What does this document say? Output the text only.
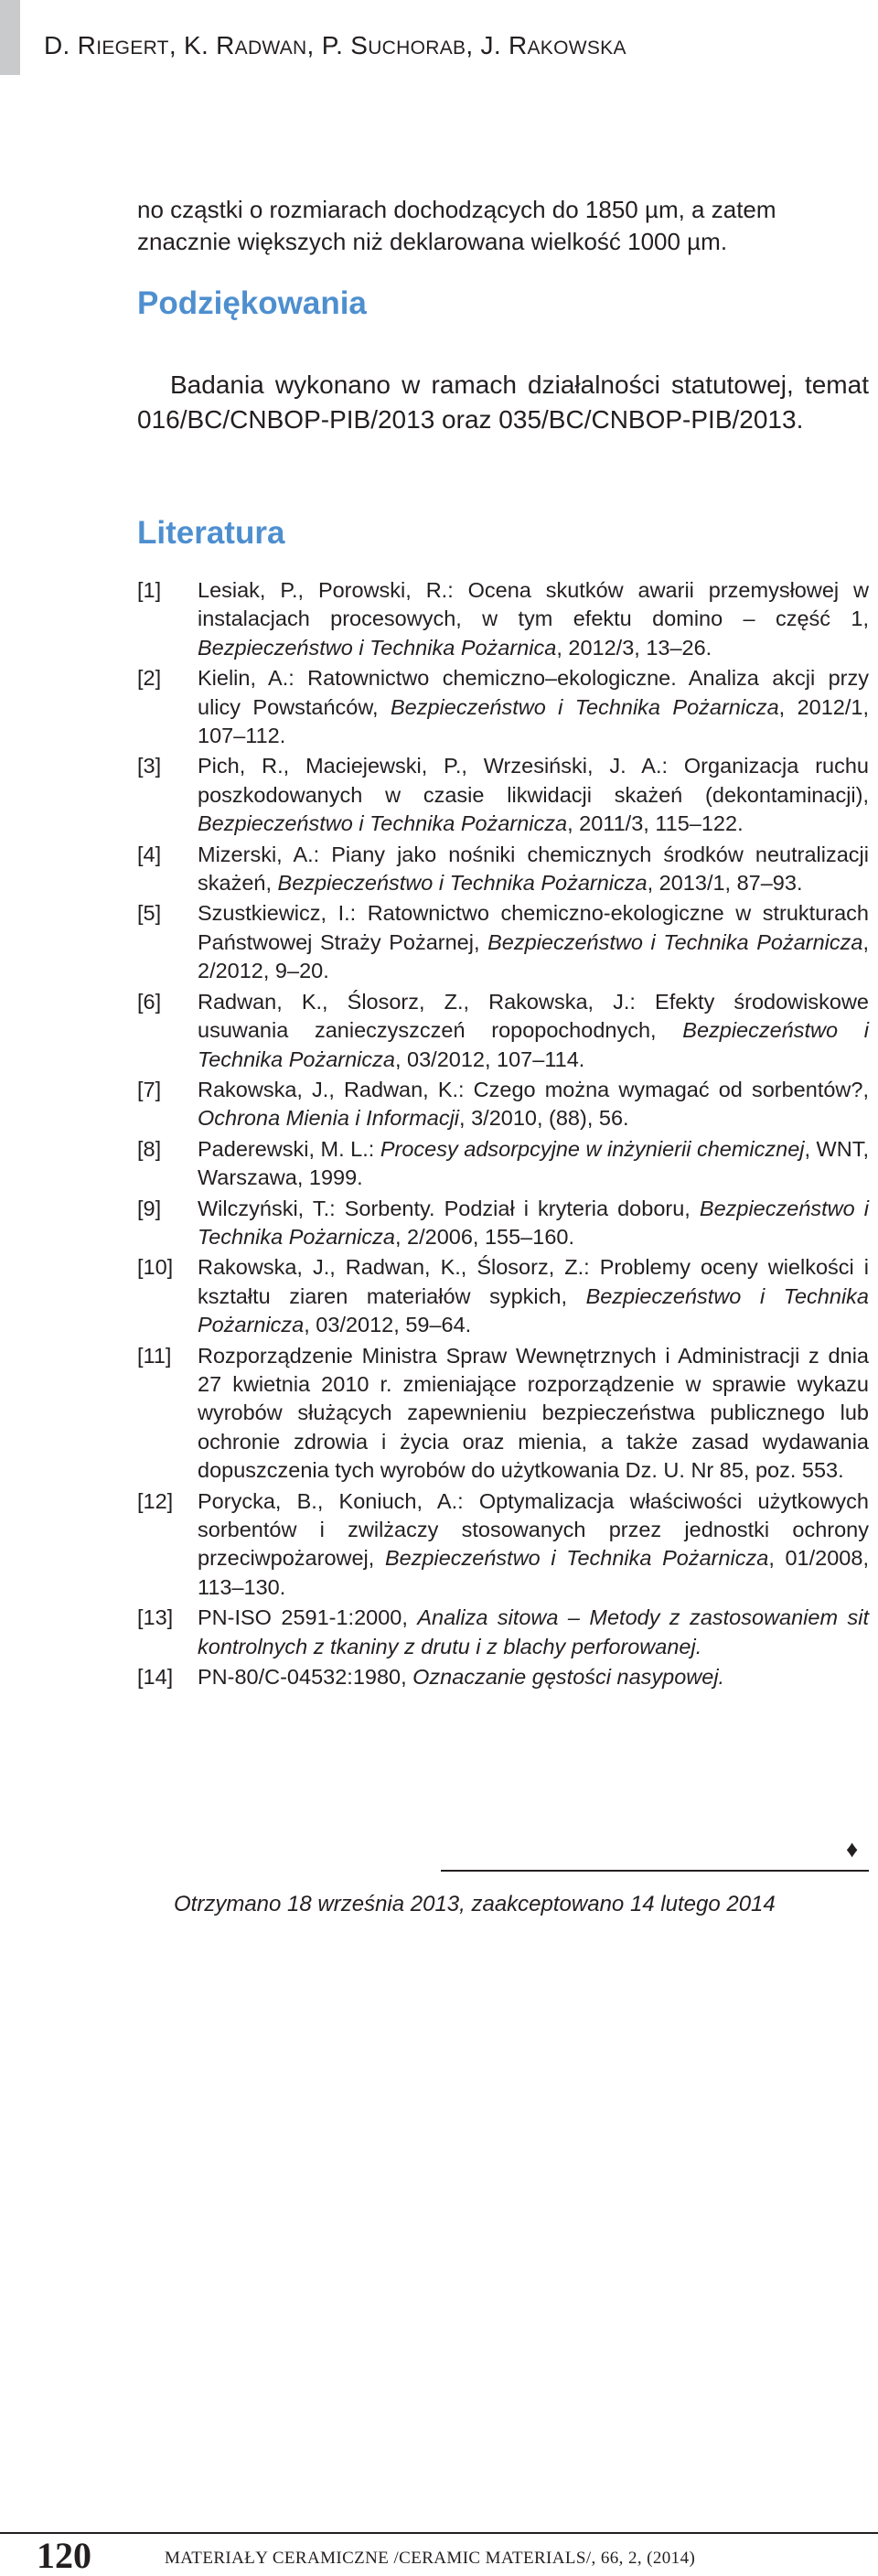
D. RIEGERT, K. RADWAN, P. SUCHORAB, J. RAKOWSKA

no cząstki o rozmiarach dochodzących do 1850 µm, a zatem znacznie większych niż deklarowana wielkość 1000 µm.

Podziękowania

Badania wykonano w ramach działalności statutowej, temat 016/BC/CNBOP-PIB/2013 oraz 035/BC/CNBOP-PIB/2013.

Literatura
[1]	Lesiak, P., Porowski, R.: Ocena skutków awarii przemysłowej w instalacjach procesowych, w tym efektu domino – część 1, Bezpieczeństwo i Technika Pożarnica, 2012/3, 13–26.
[2]	Kielin, A.: Ratownictwo chemiczno–ekologiczne. Analiza akcji przy ulicy Powstańców, Bezpieczeństwo i Technika Pożarnicza, 2012/1, 107–112.
[3]	Pich, R., Maciejewski, P., Wrzesiński, J. A.: Organizacja ruchu poszkodowanych w czasie likwidacji skażeń (dekontaminacji), Bezpieczeństwo i Technika Pożarnicza, 2011/3, 115–122.
[4]	Mizerski, A.: Piany jako nośniki chemicznych środków neutralizacji skażeń, Bezpieczeństwo i Technika Pożarnicza, 2013/1, 87–93.
[5]	Szustkiewicz, I.: Ratownictwo chemiczno-ekologiczne w strukturach Państwowej Straży Pożarnej, Bezpieczeństwo i Technika Pożarnicza, 2/2012, 9–20.
[6]	Radwan, K., Ślosorz, Z., Rakowska, J.: Efekty środowiskowe usuwania zanieczyszczeń ropopochodnych, Bezpieczeństwo i Technika Pożarnicza, 03/2012, 107–114.
[7]	Rakowska, J., Radwan, K.: Czego można wymagać od sorbentów?, Ochrona Mienia i Informacji, 3/2010, (88), 56.
[8]	Paderewski, M. L.: Procesy adsorpcyjne w inżynierii chemicznej, WNT, Warszawa, 1999.
[9]	Wilczyński, T.: Sorbenty. Podział i kryteria doboru, Bezpieczeństwo i Technika Pożarnicza, 2/2006, 155–160.
[10]	Rakowska, J., Radwan, K., Ślosorz, Z.: Problemy oceny wielkości i kształtu ziaren materiałów sypkich, Bezpieczeństwo i Technika Pożarnicza, 03/2012, 59–64.
[11]	Rozporządzenie Ministra Spraw Wewnętrznych i Administracji z dnia 27 kwietnia 2010 r. zmieniające rozporządzenie w sprawie wykazu wyrobów służących zapewnieniu bezpieczeństwa publicznego lub ochronie zdrowia i życia oraz mienia, a także zasad wydawania dopuszczenia tych wyrobów do użytkowania Dz. U. Nr 85, poz. 553.
[12]	Porycka, B., Koniuch, A.: Optymalizacja właściwości użytkowych sorbentów i zwilżaczy stosowanych przez jednostki ochrony przeciwpożarowej, Bezpieczeństwo i Technika Pożarnicza, 01/2008, 113–130.
[13]	PN-ISO 2591-1:2000, Analiza sitowa – Metody z zastosowaniem sit kontrolnych z tkaniny z drutu i z blachy perforowanej.
[14]	PN-80/C-04532:1980, Oznaczanie gęstości nasypowej.
♦
Otrzymano 18 września 2013, zaakceptowano 14 lutego 2014
120	MATERIAŁY CERAMICZNE /CERAMIC MATERIALS/, 66, 2, (2014)
